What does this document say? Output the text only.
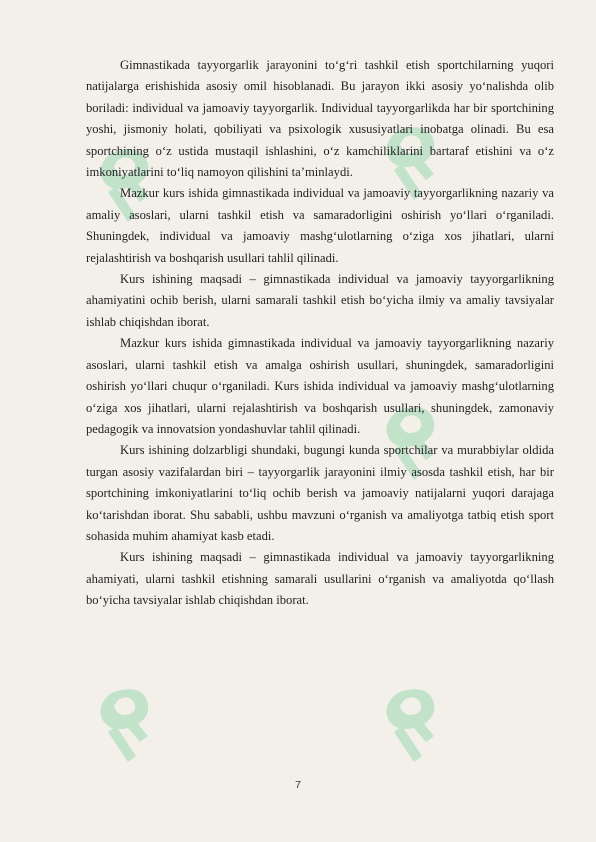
Gimnastikada tayyorgarlik jarayonini to‘g‘ri tashkil etish sportchilarning yuqori natijalarga erishishida asosiy omil hisoblanadi. Bu jarayon ikki asosiy yo‘nalishda olib boriladi: individual va jamoaviy tayyorgarlik. Individual tayyorgarlikda har bir sportchining yoshi, jismoniy holati, qobiliyati va psixologik xususiyatlari inobatga olinadi. Bu esa sportchining o‘z ustida mustaqil ishlashini, o‘z kamchiliklarini bartaraf etishini va o‘z imkoniyatlarini to‘liq namoyon qilishini ta’minlaydi.

Mazkur kurs ishida gimnastikada individual va jamoaviy tayyorgarlikning nazariy va amaliy asoslari, ularni tashkil etish va samaradorligini oshirish yo‘llari o‘rganiladi. Shuningdek, individual va jamoaviy mashg‘ulotlarning o‘ziga xos jihatlari, ularni rejalashtirish va boshqarish usullari tahlil qilinadi.

Kurs ishining maqsadi – gimnastikada individual va jamoaviy tayyorgarlikning ahamiyatini ochib berish, ularni samarali tashkil etish bo‘yicha ilmiy va amaliy tavsiyalar ishlab chiqishdan iborat.

Mazkur kurs ishida gimnastikada individual va jamoaviy tayyorgarlikning nazariy asoslari, ularni tashkil etish va amalga oshirish usullari, shuningdek, samaradorligini oshirish yo‘llari chuqur o‘rganiladi. Kurs ishida individual va jamoaviy mashg‘ulotlarning o‘ziga xos jihatlari, ularni rejalashtirish va boshqarish usullari, shuningdek, zamonaviy pedagogik va innovatsion yondashuvlar tahlil qilinadi.

Kurs ishining dolzarbligi shundaki, bugungi kunda sportchilar va murabbiylar oldida turgan asosiy vazifalardan biri – tayyorgarlik jarayonini ilmiy asosda tashkil etish, har bir sportchining imkoniyatlarini to‘liq ochib berish va jamoaviy natijalarni yuqori darajaga ko‘tarishdan iborat. Shu sababli, ushbu mavzuni o‘rganish va amaliyotga tatbiq etish sport sohasida muhim ahamiyat kasb etadi.

Kurs ishining maqsadi – gimnastikada individual va jamoaviy tayyorgarlikning ahamiyati, ularni tashkil etishning samarali usullarini o‘rganish va amaliyotda qo‘llash bo‘yicha tavsiyalar ishlab chiqishdan iborat.

7
